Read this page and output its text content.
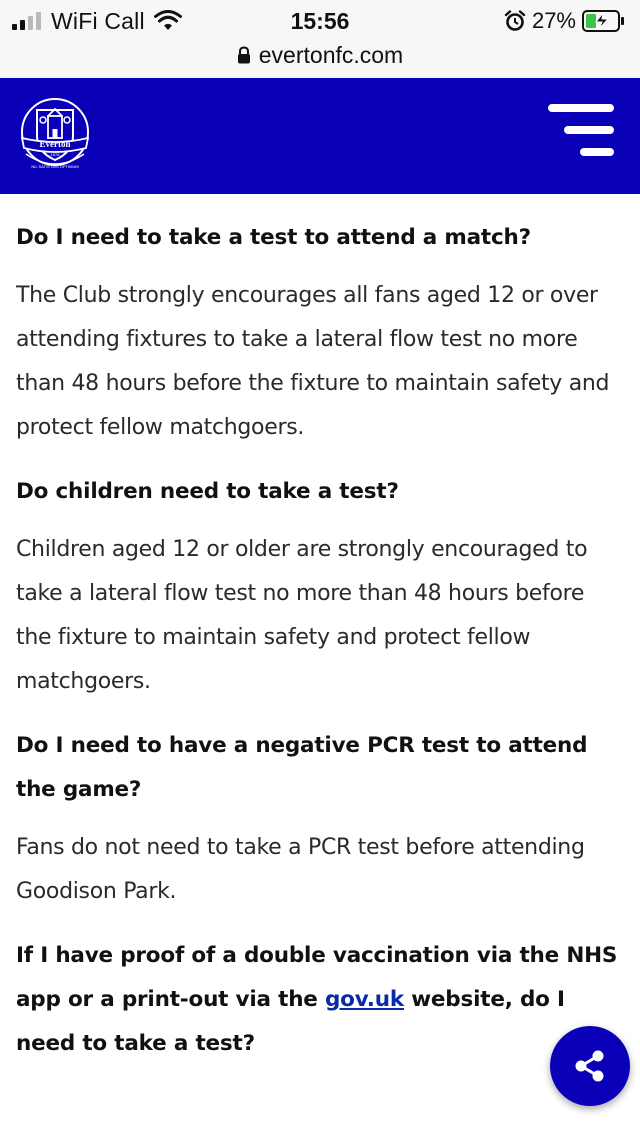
WiFi Call	15:56	27%
evertonfc.com
Everton
1878
NIL SATIS NISI OPTIMUM
Do I need to take a test to attend a match?
The Club strongly encourages all fans aged 12 or over attending fixtures to take a lateral flow test no more than 48 hours before the fixture to maintain safety and protect fellow matchgoers.
Do children need to take a test?
Children aged 12 or older are strongly encouraged to take a lateral flow test no more than 48 hours before the fixture to maintain safety and protect fellow matchgoers.
Do I need to have a negative PCR test to attend the game?
Fans do not need to take a PCR test before attending Goodison Park.
If I have proof of a double vaccination via the NHS app or a print-out via the gov.uk website, do I need to take a test?
